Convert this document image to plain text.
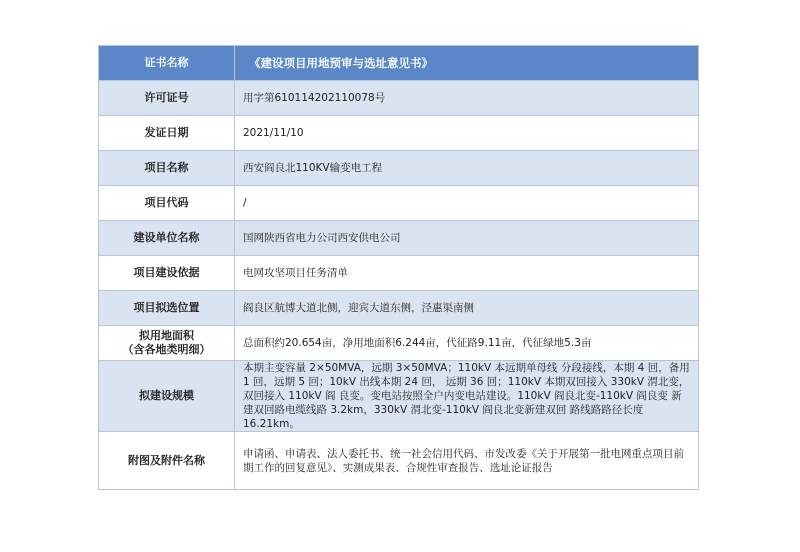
证书名称	《建设项目用地预审与选址意见书》
许可证号	用字第610114202110078号
发证日期	2021/11/10
项目名称	西安阎良北110KV输变电工程
项目代码	/
建设单位名称	国网陕西省电力公司西安供电公司
项目建设依据	电网攻坚项目任务清单
项目拟选位置	阎良区航博大道北侧，迎宾大道东侧，泾惠渠南侧

拟用地面积
（含各地类明细）	总面积约20.654亩，净用地面积6.244亩，代征路9.11亩，代征绿地5.3亩
拟建设规模	本期主变容量 2×50MVA，远期 3×50MVA；110kV 本远期单母线 分段接线，本期 4 回，备用 1 回，远期 5 回；10kV 出线本期 24 回， 远期 36 回；110kV 本期双回接入 330kV 渭北变，双回接入 110kV 阎 良变。变电站按照全户内变电站建设。110kV 阎良北变-110kV 阎良变 新建双回路电缆线路 3.2km，330kV 渭北变-110kV 阎良北变新建双回 路线路路径长度 16.21km。
附图及附件名称	申请函、申请表、法人委托书、统一社会信用代码、市发改委《关于开展第一批电网重点项目前期工作的回复意见》、实测成果表、合规性审查报告、选址论证报告
